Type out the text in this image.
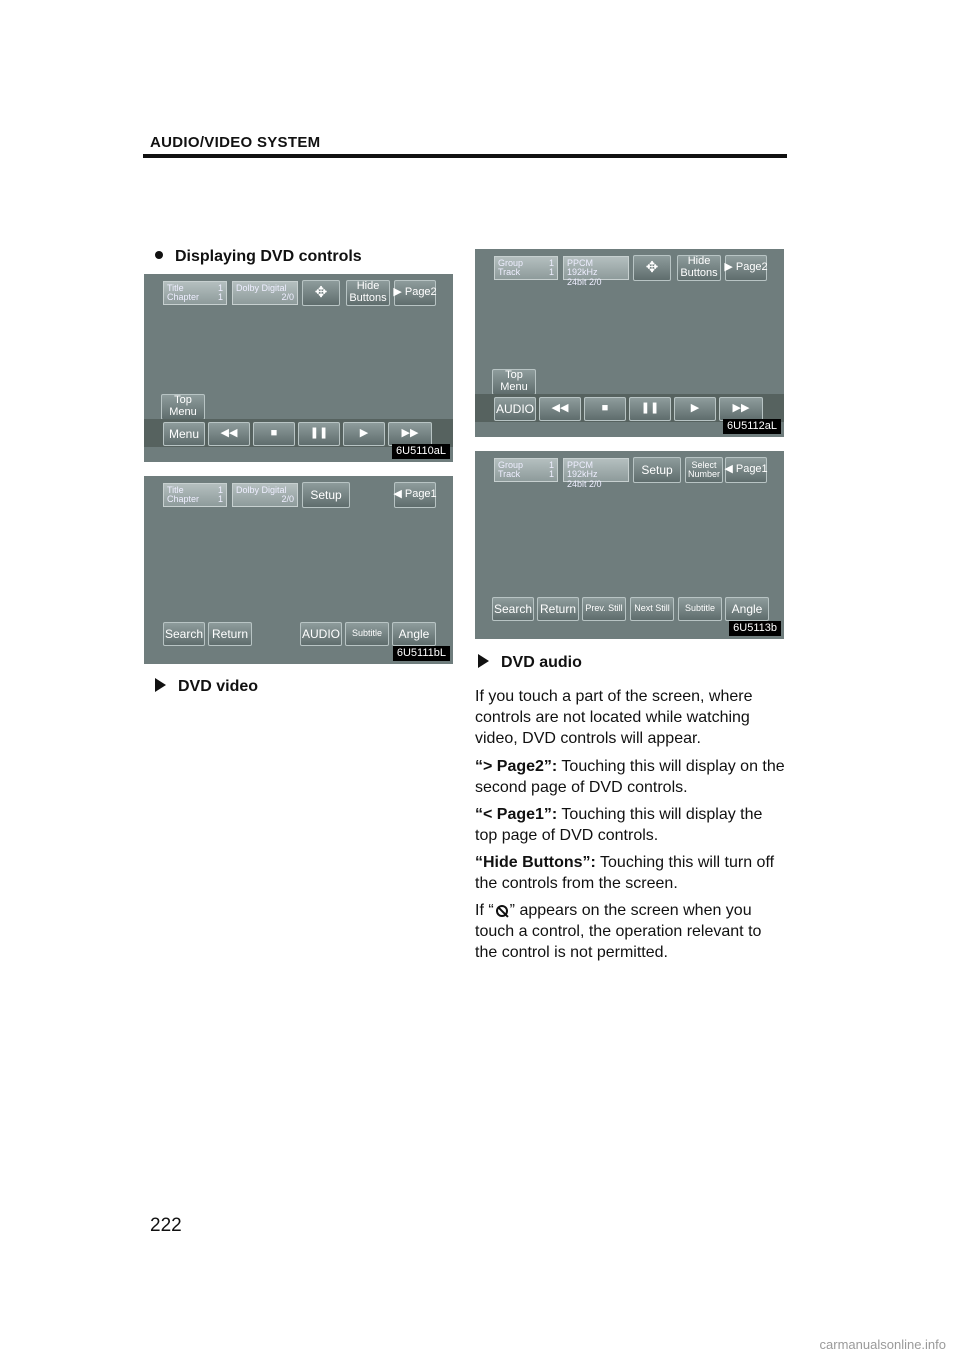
AUDIO/VIDEO SYSTEM
Displaying DVD controls
Title	1
Chapter 1
Dolby Digital
2/0 ✥	Hide Buttons ▶ Page2
Top Menu
Menu	◀◀	■	❚❚	▶	▶▶
6U5110aL
Title	1
Chapter 1
Dolby Digital
2/0	Setup	◀ Page1
Search Return	AUDIO	Subtitle	Angle
6U5111bL
DVD video
Group	1
Track	1
PPCM 192kHz
24bit 2/0
✥	Hide Buttons ▶ Page2
Top Menu
AUDIO ◀◀	■	❚❚	▶	▶▶
6U5112aL
Group	1
Track	1
PPCM 192kHz
24bit 2/0
Setup	Select Number ◀ Page1
Search Return	Prev. Still	Next Still	Subtitle	Angle
6U5113b
DVD audio
If you touch a part of the screen, where controls are not located while watching video, DVD controls will appear.
“> Page2”: Touching this will display on the second page of DVD controls.
“< Page1”: Touching this will display the top page of DVD controls.
“Hide Buttons”: Touching this will turn off the controls from the screen.
If “ ” appears on the screen when you touch a control, the operation relevant to the control is not permitted.
222
carmanualsonline.info
